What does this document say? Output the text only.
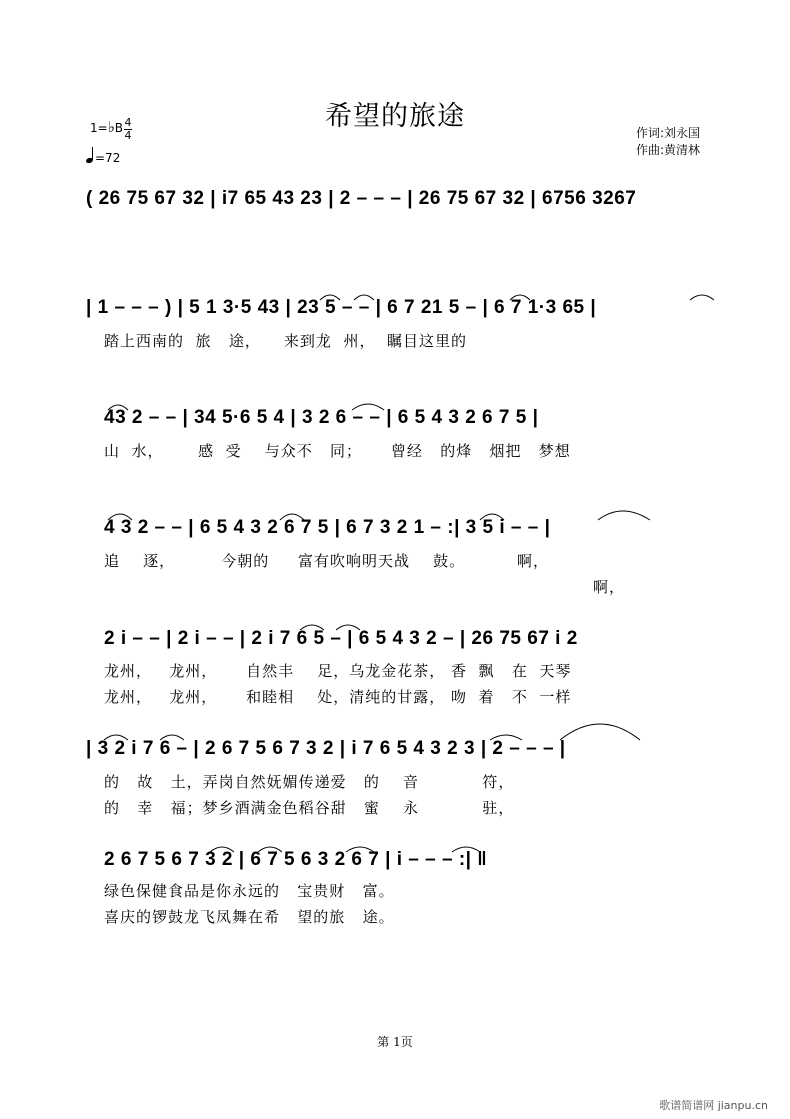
希望的旅途
1=♭B 4
4
=72
作词:刘永国
作曲:黄清林
( 26 75 67 32 | i7 65 43 23 | 2 – – – | 26 75 67 32 | 6756 3267
| 1 – – – ) | 5 1 3·5 43 | 23 5 – – | 6 7 21 5 – | 6 7 1·3 65 |
踏上西南的  旅   途，    来到龙  州，  瞩目这里的
43 2 – – | 34 5·6 5 4 | 3 2 6 – – | 6 5 4 3 2 6 7 5 |
山  水，      感  受    与众不   同；     曾经   的烽   烟把   梦想
4 3 2 – – | 6 5 4 3 2 6 7 5 | 6 7 3 2 1 – :| 3 5 i – – |
追    逐，        今朝的     富有吹响明天战    鼓。         啊，
啊，
2 i – – | 2 i – – | 2 i 7 6 5 – | 6 5 4 3 2 – | 26 75 67 i 2
龙州，   龙州，     自然丰    足，乌龙金花茶， 香  飘   在  天琴
龙州，   龙州，     和睦相    处，清纯的甘露， 吻  着   不  一样
| 3 2 i 7 6 – | 2 6 7 5 6 7 3 2 | i 7 6 5 4 3 2 3 | 2 – – – |
的   故   土，弄岗自然妩媚传递爱   的    音           符，
的   幸   福；梦乡酒满金色稻谷甜   蜜    永           驻，
2 6 7 5 6 7 3 2 | 6 7 5 6 3 2 6 7 | i – – – :| ‖
绿色保健食品是你永远的   宝贵财   富。
喜庆的锣鼓龙飞凤舞在希   望的旅   途。
第 1页
歌谱简谱网 jianpu.cn
